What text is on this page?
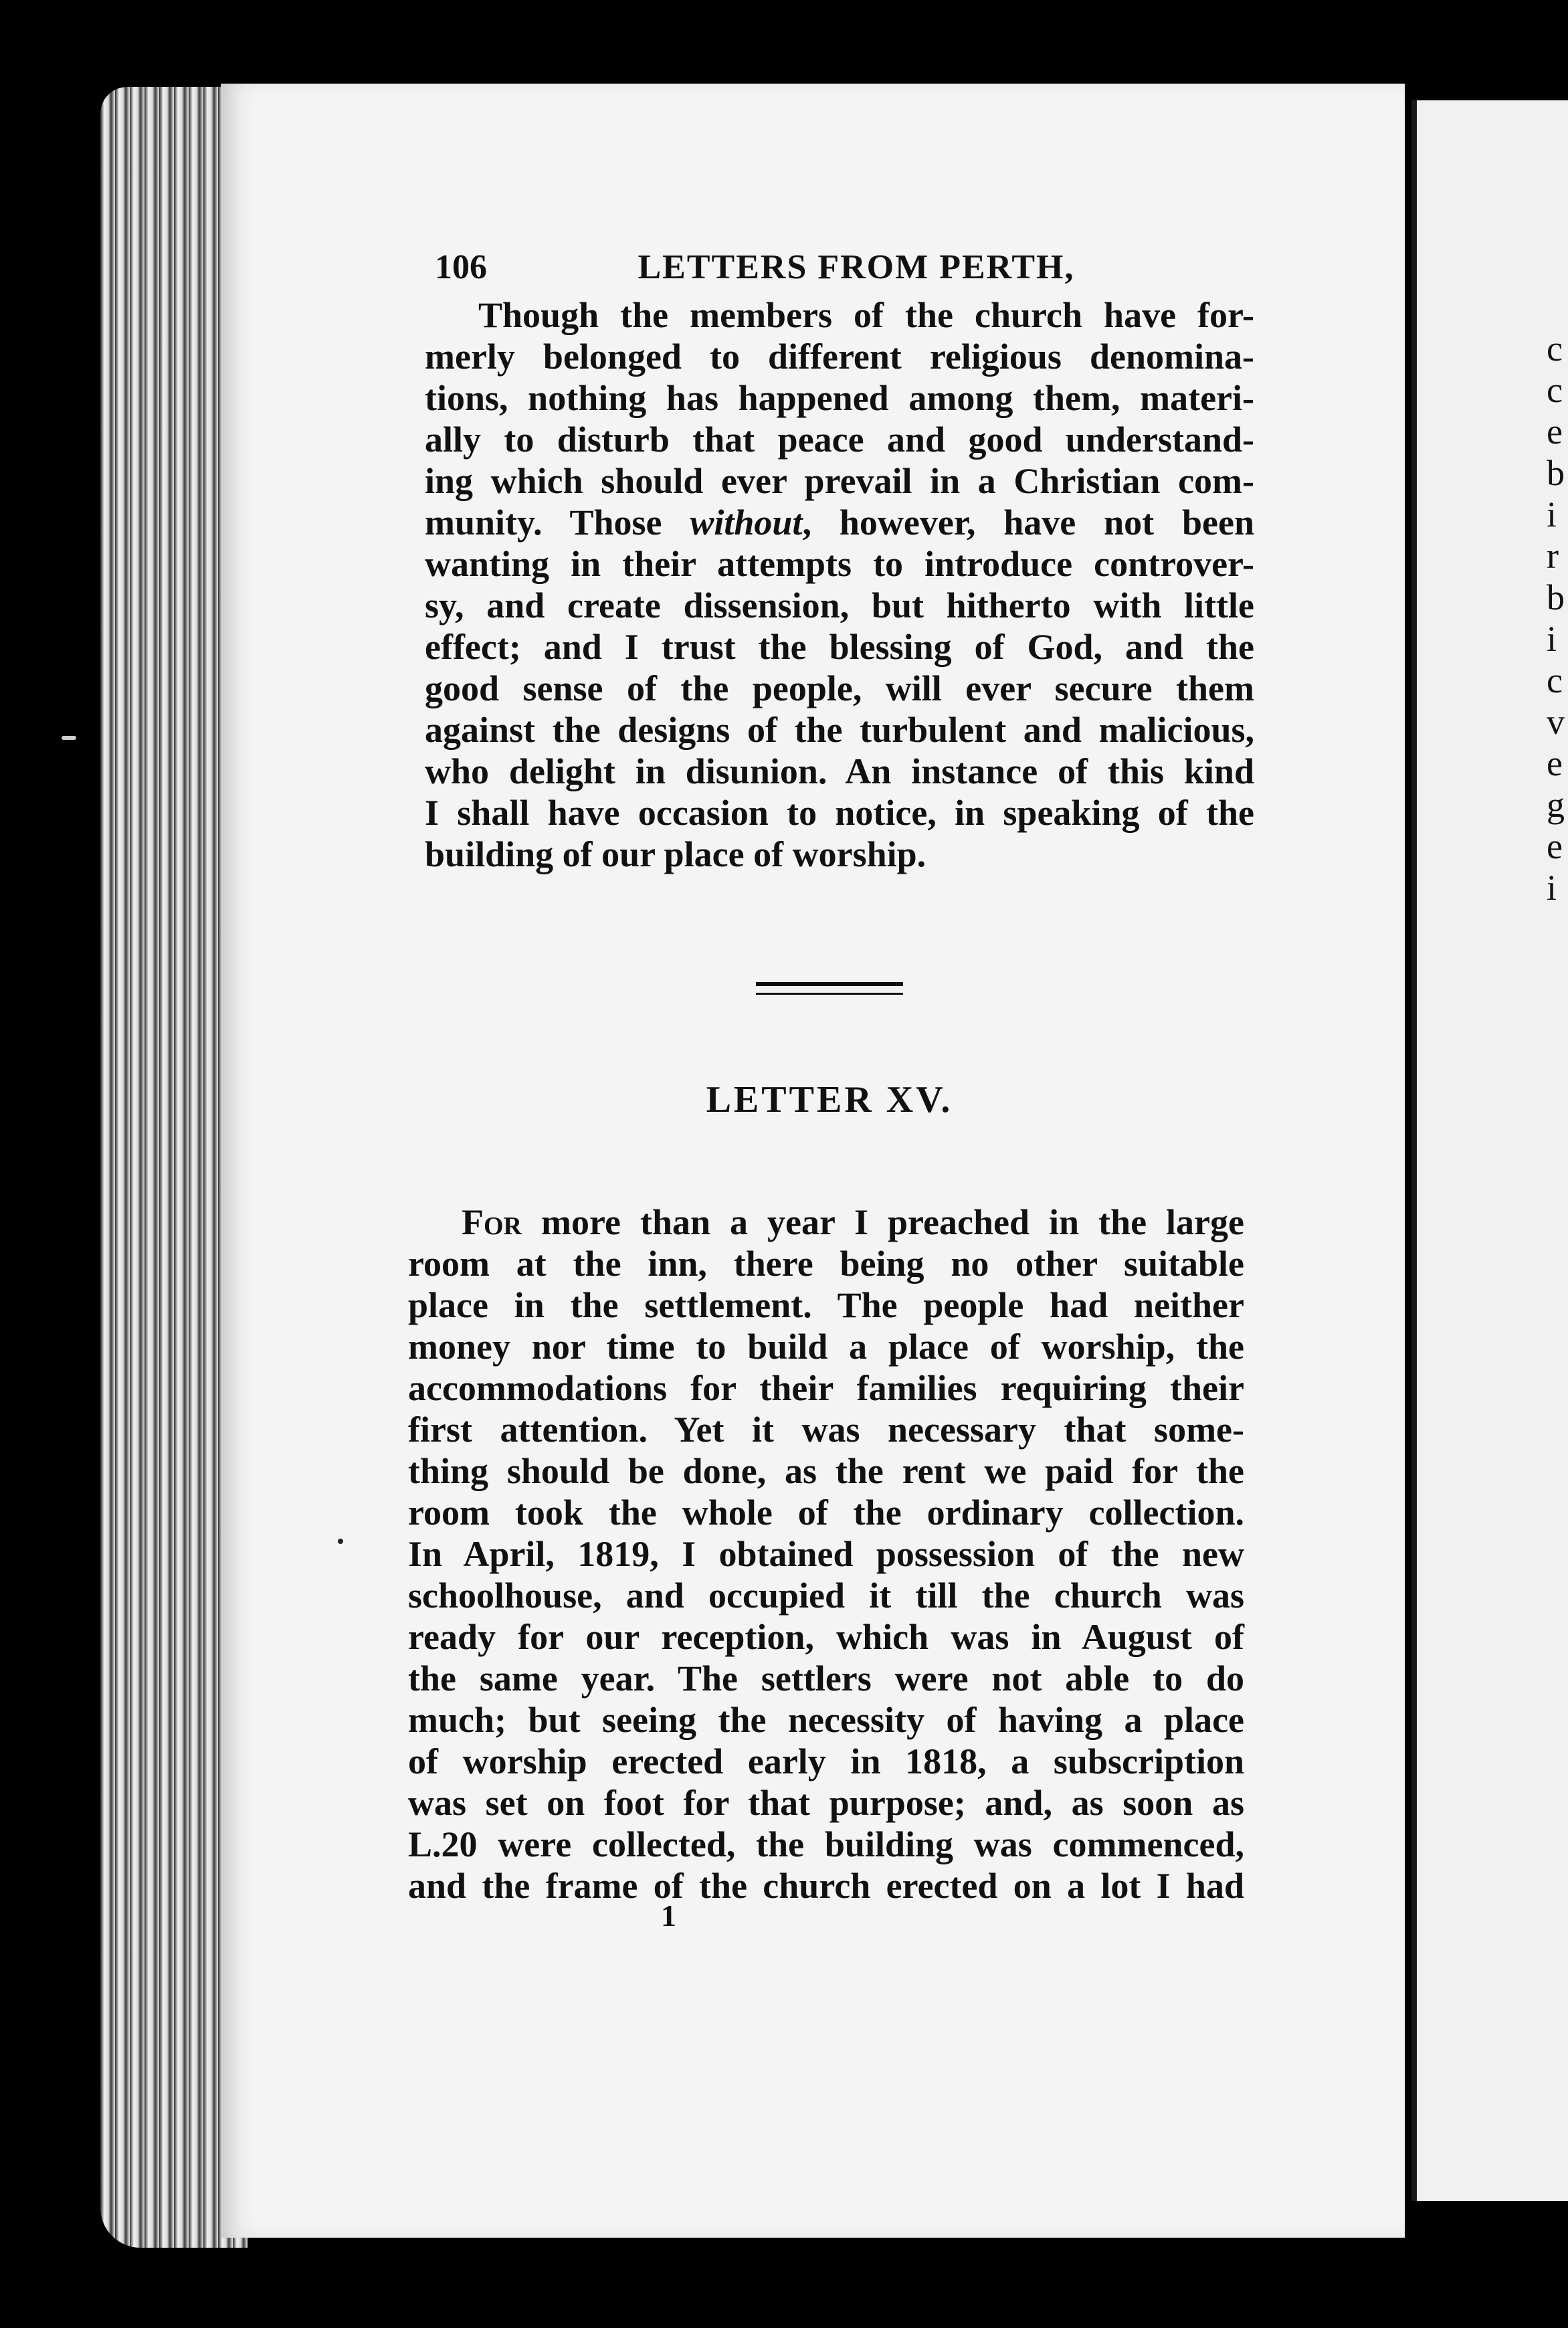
c
c
e
b
i
r
b
i
c
v
e
g
e
i
106	LETTERS FROM PERTH,
Though the members of the church have for-
merly belonged to different religious denomina-
tions, nothing has happened among them, materi-
ally to disturb that peace and good understand-
ing which should ever prevail in a Christian com-
munity. Those without, however, have not been
wanting in their attempts to introduce controver-
sy, and create dissension, but hitherto with little
effect; and I trust the blessing of God, and the
good sense of the people, will ever secure them
against the designs of the turbulent and malicious,
who delight in disunion. An instance of this kind
I shall have occasion to notice, in speaking of the
building of our place of worship.
LETTER XV.
For more than a year I preached in the large
room at the inn, there being no other suitable
place in the settlement. The people had neither
money nor time to build a place of worship, the
accommodations for their families requiring their
first attention. Yet it was necessary that some-
thing should be done, as the rent we paid for the
room took the whole of the ordinary collection.
In April, 1819, I obtained possession of the new
schoolhouse, and occupied it till the church was
ready for our reception, which was in August of
the same year. The settlers were not able to do
much; but seeing the necessity of having a place
of worship erected early in 1818, a subscription
was set on foot for that purpose; and, as soon as
L.20 were collected, the building was commenced,
and the frame of the church erected on a lot I had
1
